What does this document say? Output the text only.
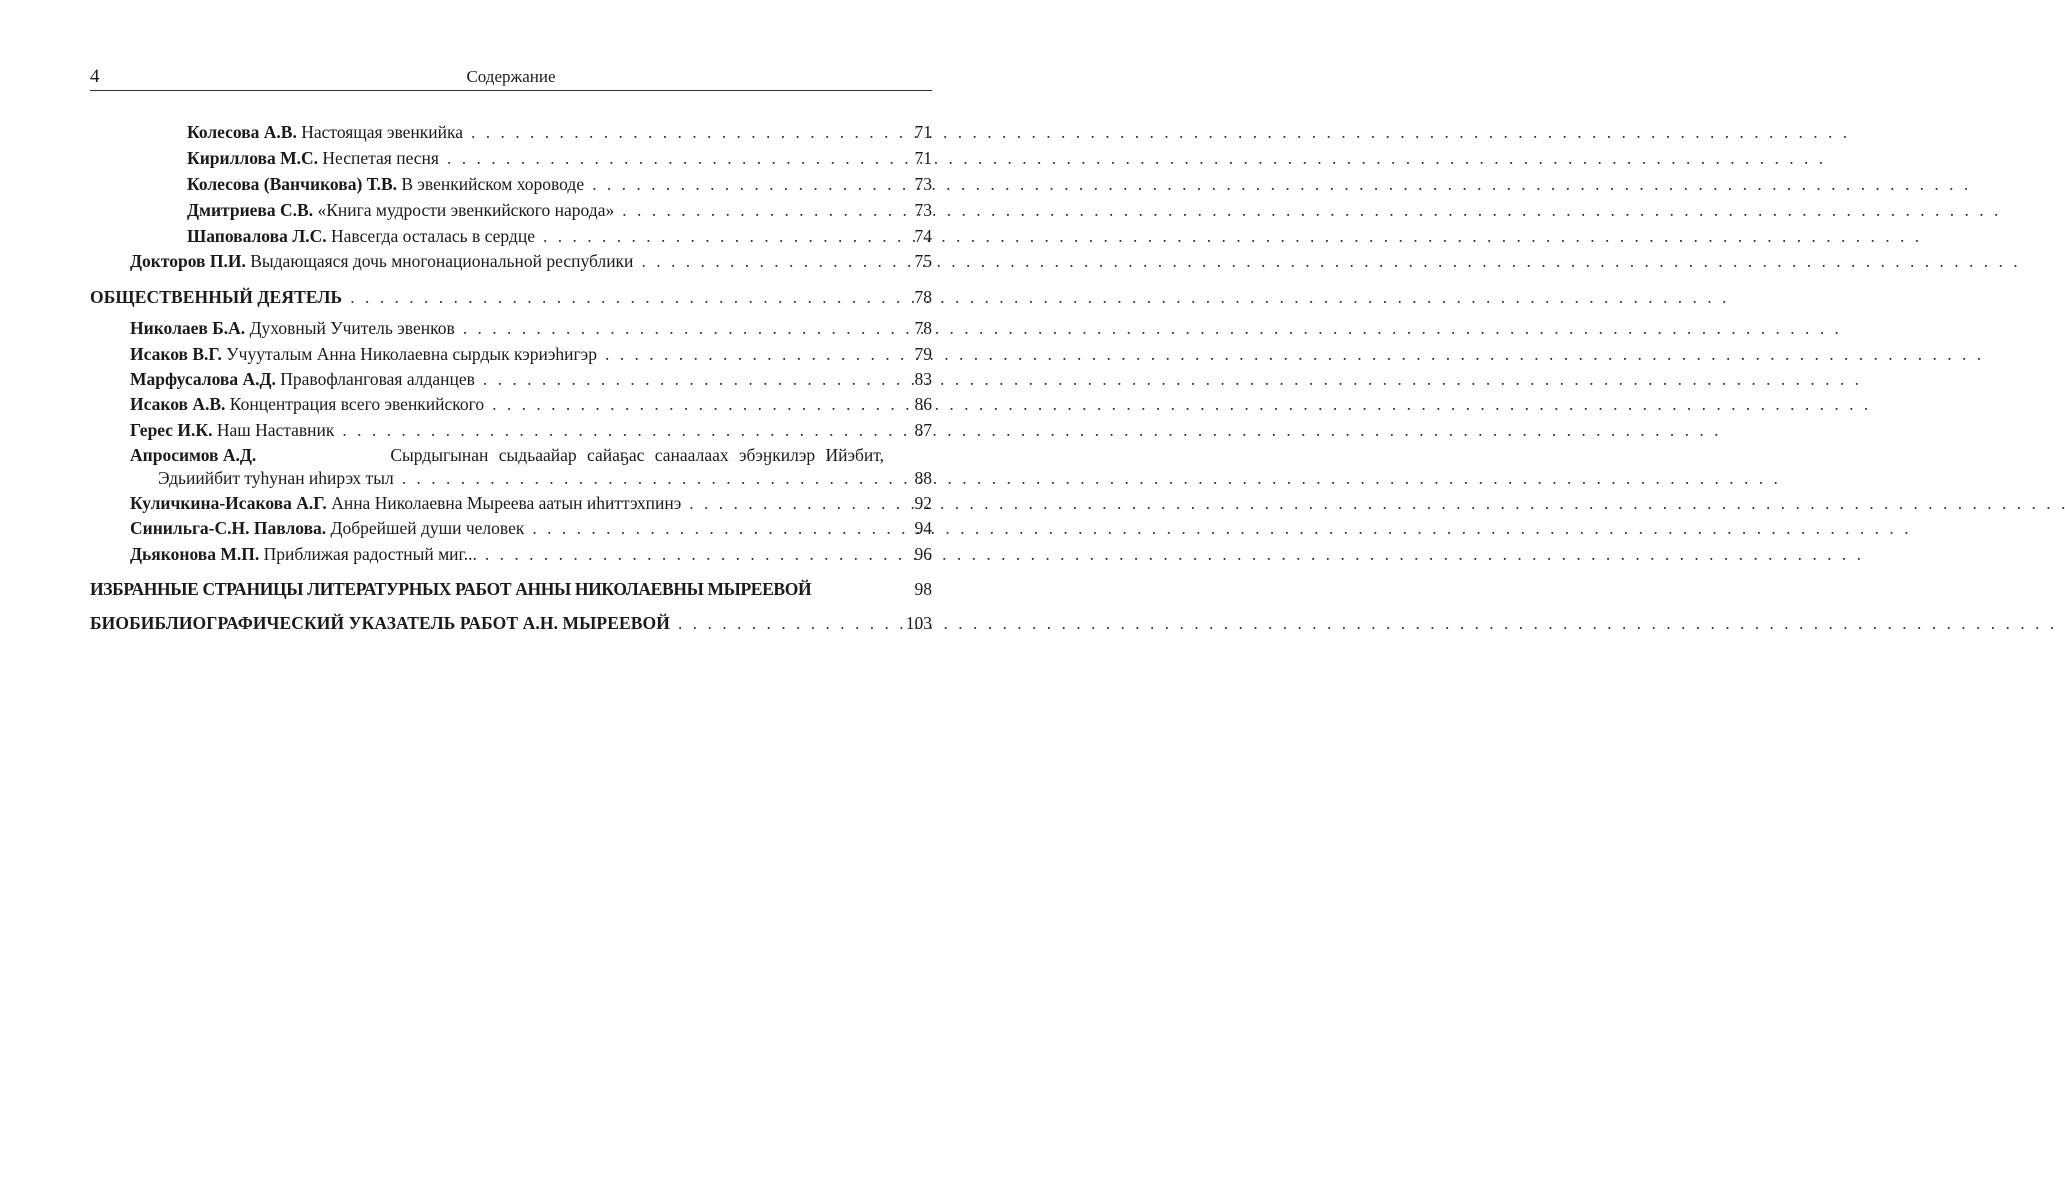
4	Содержание
Колесова А.В. Настоящая эвенкийка . . .	71
Кириллова М.С. Неспетая песня . . .	71
Колесова (Ванчикова) Т.В. В эвенкийском хороводе . . .	73
Дмитриева С.В. «Книга мудрости эвенкийского народа» . . .	73
Шаповалова Л.С. Навсегда осталась в сердце . . .	74
Докторов П.И. Выдающаяся дочь многонациональной республики . . .	75
ОБЩЕСТВЕННЫЙ ДЕЯТЕЛЬ . . .	78
Николаев Б.А. Духовный Учитель эвенков . . .	78
Исаков В.Г. Учууталым Анна Николаевна сырдык кэриэһигэр . . .	79
Марфусалова А.Д. Правофланговая алданцев . . .	83
Исаков А.В. Концентрация всего эвенкийского . . .	86
Герес И.К. Наш Наставник . . .	87
Апросимов А.Д.	Сырдыгынан сыдьаайар сайаҕас санаалаах эбэӈкилэр Ийэбит,
Эдьиийбит туһунан иһирэх тыл . . .	88
Куличкина-Исакова А.Г. Анна Николаевна Мыреева аатын иһиттэхпинэ . . .	92
Синильга-С.Н. Павлова. Добрейшей души человек . . .	94
Дьяконова М.П. Приближая радостный миг... . . .	96
ИЗБРАННЫЕ СТРАНИЦЫ ЛИТЕРАТУРНЫХ РАБОТ АННЫ НИКОЛАЕВНЫ МЫРЕЕВОЙ	98
БИОБИБЛИОГРАФИЧЕСКИЙ УКАЗАТЕЛЬ РАБОТ А.Н. МЫРЕЕВОЙ . . .	103
